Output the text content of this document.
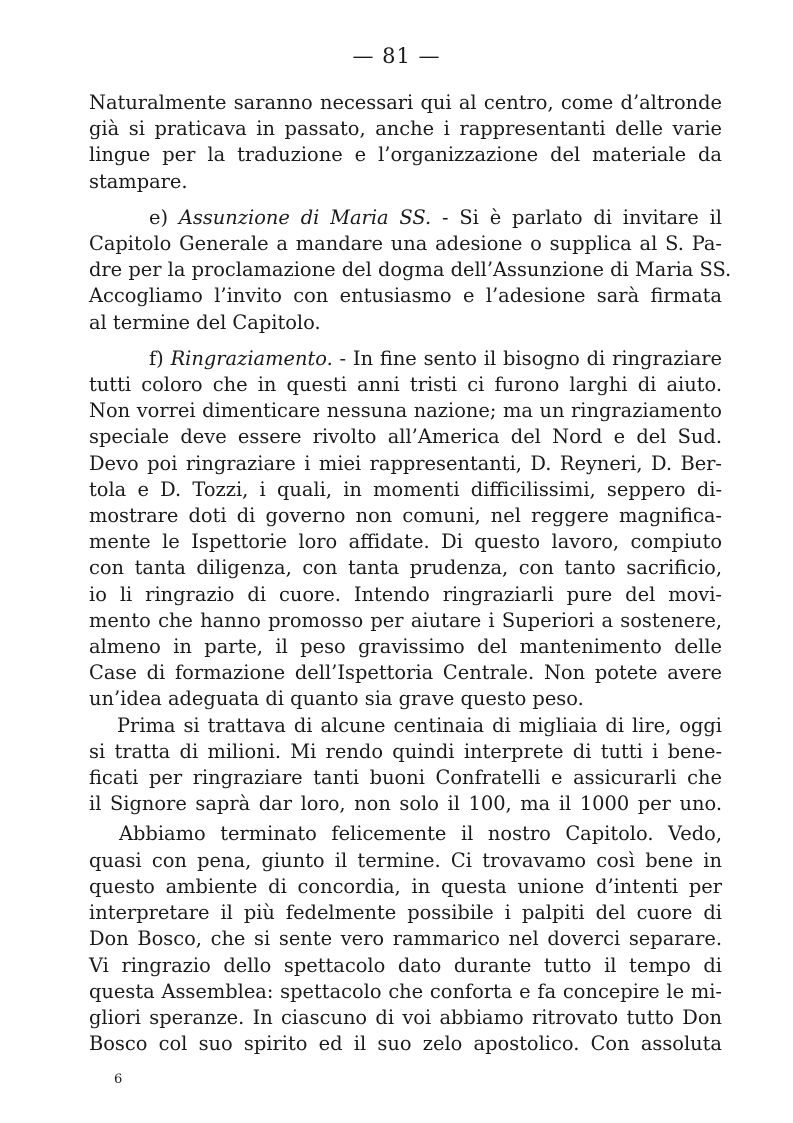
— 81 —
Naturalmente saranno necessari qui al centro, come d’altronde
già si praticava in passato, anche i rappresentanti delle varie
lingue per la traduzione e l’organizzazione del materiale da
stampare.
e) Assunzione di Maria SS. - Si è parlato di invitare il
Capitolo Generale a mandare una adesione o supplica al S. Pa-
dre per la proclamazione del dogma dell’Assunzione di Maria SS.
Accogliamo l’invito con entusiasmo e l’adesione sarà firmata
al termine del Capitolo.
f) Ringraziamento. - In fine sento il bisogno di ringraziare
tutti coloro che in questi anni tristi ci furono larghi di aiuto.
Non vorrei dimenticare nessuna nazione; ma un ringraziamento
speciale deve essere rivolto all’America del Nord e del Sud.
Devo poi ringraziare i miei rappresentanti, D. Reyneri, D. Ber-
tola e D. Tozzi, i quali, in momenti difficilissimi, seppero di-
mostrare doti di governo non comuni, nel reggere magnifica-
mente le Ispettorie loro affidate. Di questo lavoro, compiuto
con tanta diligenza, con tanta prudenza, con tanto sacrificio,
io li ringrazio di cuore. Intendo ringraziarli pure del movi-
mento che hanno promosso per aiutare i Superiori a sostenere,
almeno in parte, il peso gravissimo del mantenimento delle
Case di formazione dell’Ispettoria Centrale. Non potete avere
un’idea adeguata di quanto sia grave questo peso.
Prima si trattava di alcune centinaia di migliaia di lire, oggi
si tratta di milioni. Mi rendo quindi interprete di tutti i bene-
ficati per ringraziare tanti buoni Confratelli e assicurarli che
il Signore saprà dar loro, non solo il 100, ma il 1000 per uno.
Abbiamo terminato felicemente il nostro Capitolo. Vedo,
quasi con pena, giunto il termine. Ci trovavamo così bene in
questo ambiente di concordia, in questa unione d’intenti per
interpretare il più fedelmente possibile i palpiti del cuore di
Don Bosco, che si sente vero rammarico nel doverci separare.
Vi ringrazio dello spettacolo dato durante tutto il tempo di
questa Assemblea: spettacolo che conforta e fa concepire le mi-
gliori speranze. In ciascuno di voi abbiamo ritrovato tutto Don
Bosco col suo spirito ed il suo zelo apostolico. Con assoluta
6
